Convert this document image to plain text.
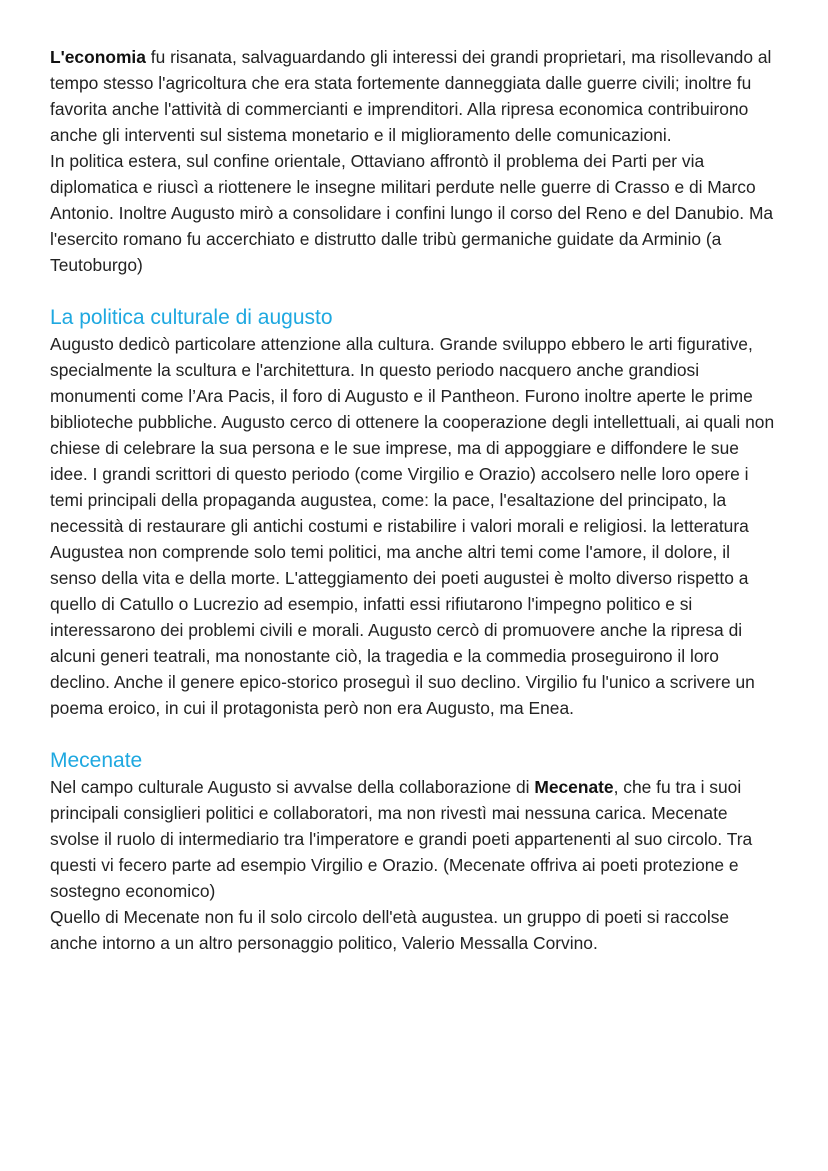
L'economia fu risanata, salvaguardando gli interessi dei grandi proprietari, ma risollevando al tempo stesso l'agricoltura che era stata fortemente danneggiata dalle guerre civili; inoltre fu favorita anche l'attività di commercianti e imprenditori. Alla ripresa economica contribuirono anche gli interventi sul sistema monetario e il miglioramento delle comunicazioni.

In politica estera, sul confine orientale, Ottaviano affrontò il problema dei Parti per via diplomatica e riuscì a riottenere le insegne militari perdute nelle guerre di Crasso e di Marco Antonio. Inoltre Augusto mirò a consolidare i confini lungo il corso del Reno e del Danubio. Ma l'esercito romano fu accerchiato e distrutto dalle tribù germaniche guidate da Arminio (a Teutoburgo)

La politica culturale di augusto

Augusto dedicò particolare attenzione alla cultura. Grande sviluppo ebbero le arti figurative, specialmente la scultura e l'architettura. In questo periodo nacquero anche grandiosi monumenti come l’Ara Pacis, il foro di Augusto e il Pantheon. Furono inoltre aperte le prime biblioteche pubbliche. Augusto cerco di ottenere la cooperazione degli intellettuali, ai quali non chiese di celebrare la sua persona e le sue imprese, ma di appoggiare e diffondere le sue idee. I grandi scrittori di questo periodo (come Virgilio e Orazio) accolsero nelle loro opere i temi principali della propaganda augustea, come: la pace, l'esaltazione del principato, la necessità di restaurare gli antichi costumi e ristabilire i valori morali e religiosi. la letteratura Augustea non comprende solo temi politici, ma anche altri temi come l'amore, il dolore, il senso della vita e della morte. L'atteggiamento dei poeti augustei è molto diverso rispetto a quello di Catullo o Lucrezio ad esempio, infatti essi rifiutarono l'impegno politico e si interessarono dei problemi civili e morali. Augusto cercò di promuovere anche la ripresa di alcuni generi teatrali, ma nonostante ciò, la tragedia e la commedia proseguirono il loro declino. Anche il genere epico-storico proseguì il suo declino. Virgilio fu l'unico a scrivere un poema eroico, in cui il protagonista però non era Augusto, ma Enea.

Mecenate

Nel campo culturale Augusto si avvalse della collaborazione di Mecenate, che fu tra i suoi principali consiglieri politici e collaboratori, ma non rivestì mai nessuna carica. Mecenate svolse il ruolo di intermediario tra l'imperatore e grandi poeti appartenenti al suo circolo. Tra questi vi fecero parte ad esempio Virgilio e Orazio. (Mecenate offriva ai poeti protezione e sostegno economico)

Quello di Mecenate non fu il solo circolo dell'età augustea. un gruppo di poeti si raccolse anche intorno a un altro personaggio politico, Valerio Messalla Corvino.
